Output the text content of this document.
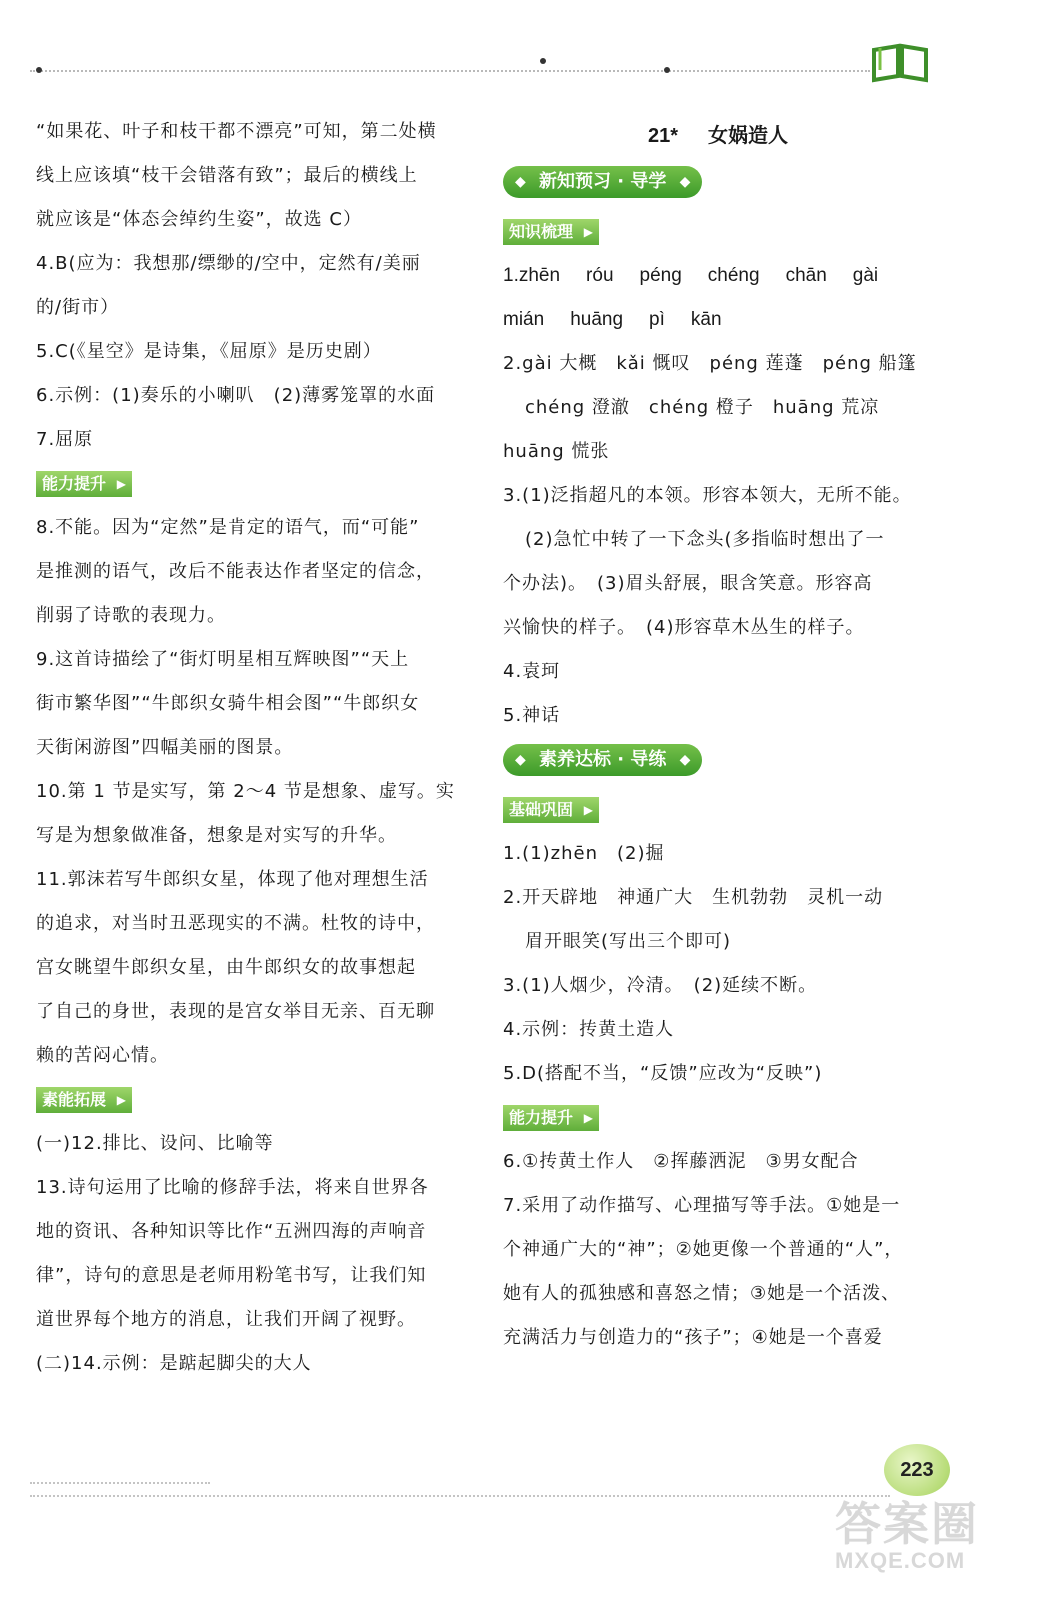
“如果花、叶子和枝干都不漂亮”可知，第二处横
线上应该填“枝干会错落有致”；最后的横线上
就应该是“体态会绰约生姿”，故选 C）
4.B(应为：我想那/缥缈的/空中，定然有/美丽
的/街市）
5.C(《星空》是诗集，《屈原》是历史剧）
6.示例：(1)奏乐的小喇叭　(2)薄雾笼罩的水面
7.屈原
能力提升 ▶
8.不能。因为“定然”是肯定的语气，而“可能”
是推测的语气，改后不能表达作者坚定的信念，
削弱了诗歌的表现力。
9.这首诗描绘了“街灯明星相互辉映图”“天上
街市繁华图”“牛郎织女骑牛相会图”“牛郎织女
天街闲游图”四幅美丽的图景。
10.第 1 节是实写，第 2～4 节是想象、虚写。实
写是为想象做准备，想象是对实写的升华。
11.郭沫若写牛郎织女星，体现了他对理想生活
的追求，对当时丑恶现实的不满。杜牧的诗中，
宫女眺望牛郎织女星，由牛郎织女的故事想起
了自己的身世，表现的是宫女举目无亲、百无聊
赖的苦闷心情。
素能拓展 ▶
(一)12.排比、设问、比喻等
13.诗句运用了比喻的修辞手法，将来自世界各
地的资讯、各种知识等比作“五洲四海的声响音
律”，诗句的意思是老师用粉笔书写，让我们知
道世界每个地方的消息，让我们开阔了视野。
(二)14.示例：是踮起脚尖的大人
21* 女娲造人
◆ 新知预习 · 导学 ◆
知识梳理 ▶
1.zhēn róu péng chéng chān gài
mián huāng pì kān
2.gài 大概　kǎi 慨叹　péng 莲蓬　péng 船篷
chéng 澄澈　chéng 橙子　huāng 荒凉
huāng 慌张
3.(1)泛指超凡的本领。形容本领大，无所不能。
(2)急忙中转了一下念头(多指临时想出了一
个办法)。　(3)眉头舒展，眼含笑意。形容高
兴愉快的样子。　(4)形容草木丛生的样子。
4.袁珂
5.神话
◆ 素养达标 · 导练 ◆
基础巩固 ▶
1.(1)zhēn　(2)掘
2.开天辟地　神通广大　生机勃勃　灵机一动
眉开眼笑(写出三个即可)
3.(1)人烟少，冷清。　(2)延续不断。
4.示例：抟黄土造人
5.D(搭配不当，“反馈”应改为“反映”)
能力提升 ▶
6.①抟黄土作人　②挥藤洒泥　③男女配合
7.采用了动作描写、心理描写等手法。①她是一
个神通广大的“神”；②她更像一个普通的“人”，
她有人的孤独感和喜怒之情；③她是一个活泼、
充满活力与创造力的“孩子”；④她是一个喜爱
223
答案圈
MXQE.COM
